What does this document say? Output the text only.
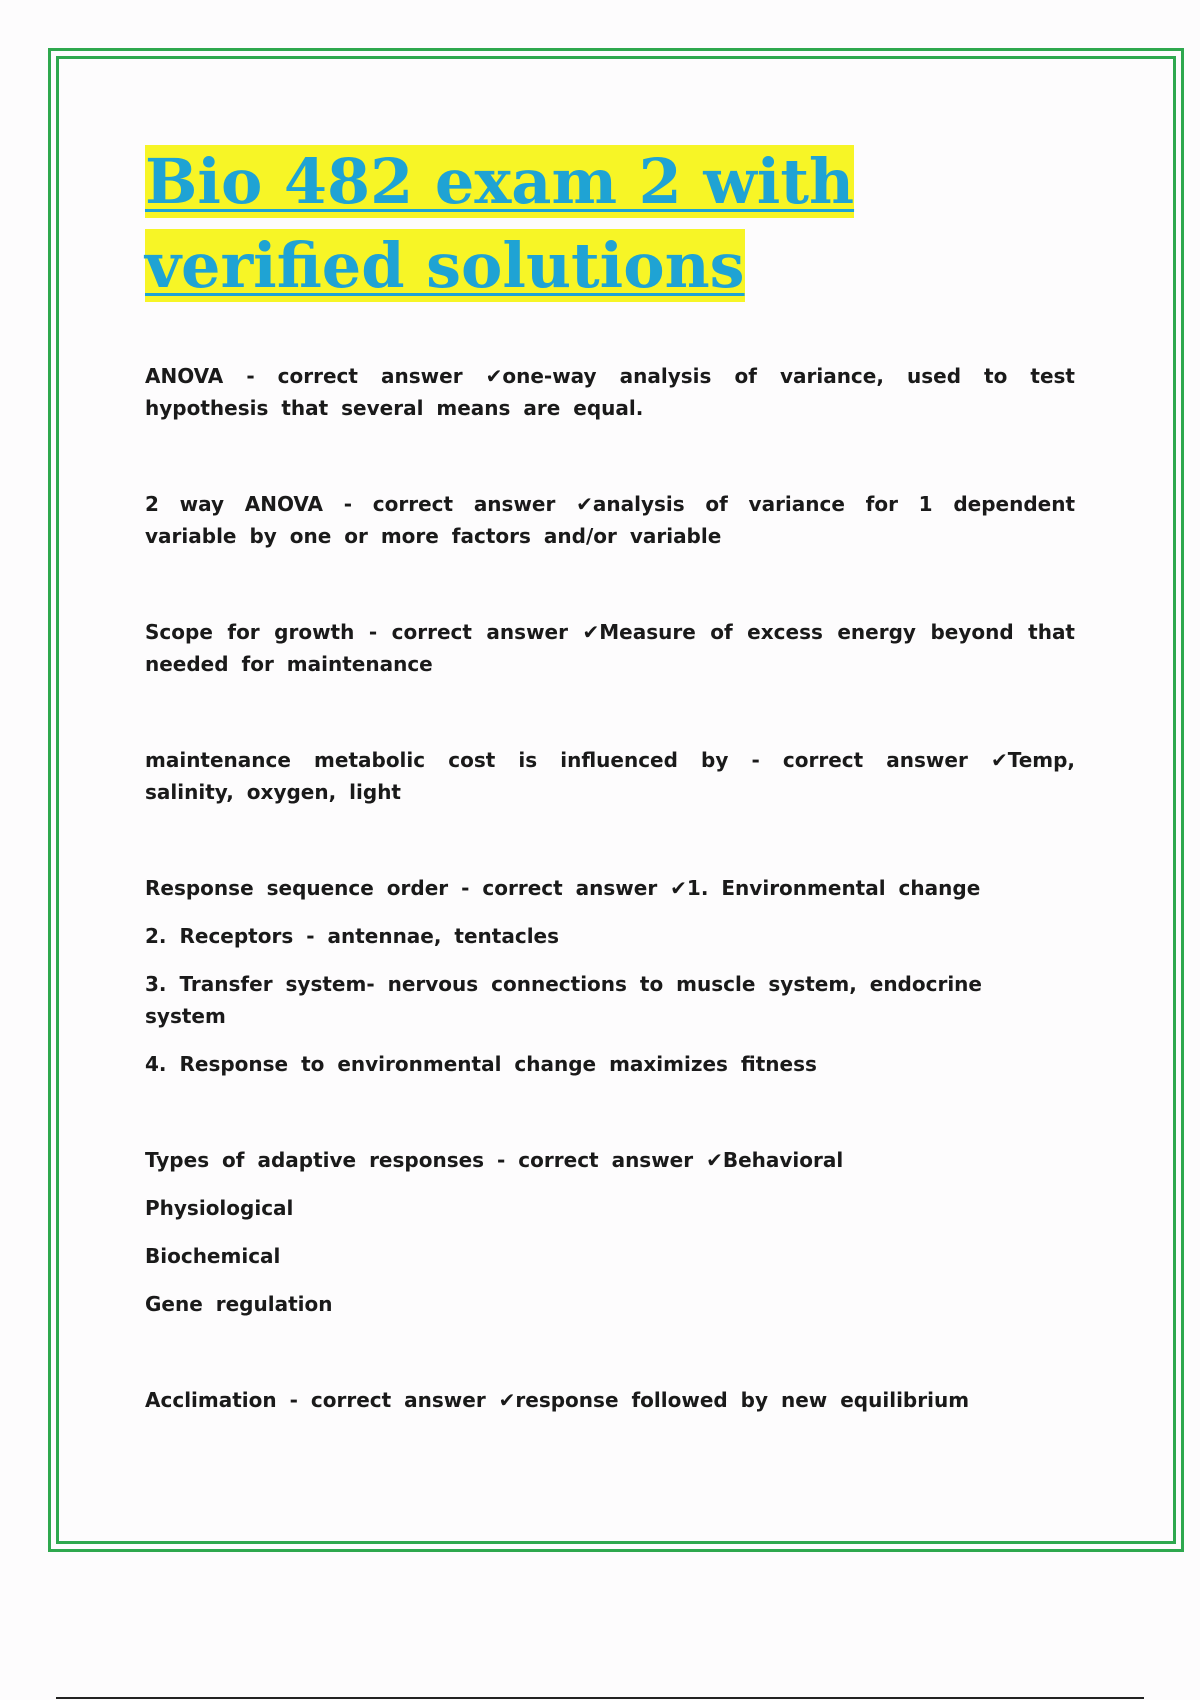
Bio 482 exam 2 with verified solutions

ANOVA - correct answer ✔one-way analysis of variance, used to test hypothesis that several means are equal.

2 way ANOVA - correct answer ✔analysis of variance for 1 dependent variable by one or more factors and/or variable

Scope for growth - correct answer ✔Measure of excess energy beyond that needed for maintenance

maintenance metabolic cost is influenced by - correct answer ✔Temp, salinity, oxygen, light

Response sequence order - correct answer ✔1. Environmental change

2. Receptors - antennae, tentacles

3. Transfer system- nervous connections to muscle system, endocrine system

4. Response to environmental change maximizes fitness

Types of adaptive responses - correct answer ✔Behavioral

Physiological

Biochemical

Gene regulation

Acclimation - correct answer ✔response followed by new equilibrium
